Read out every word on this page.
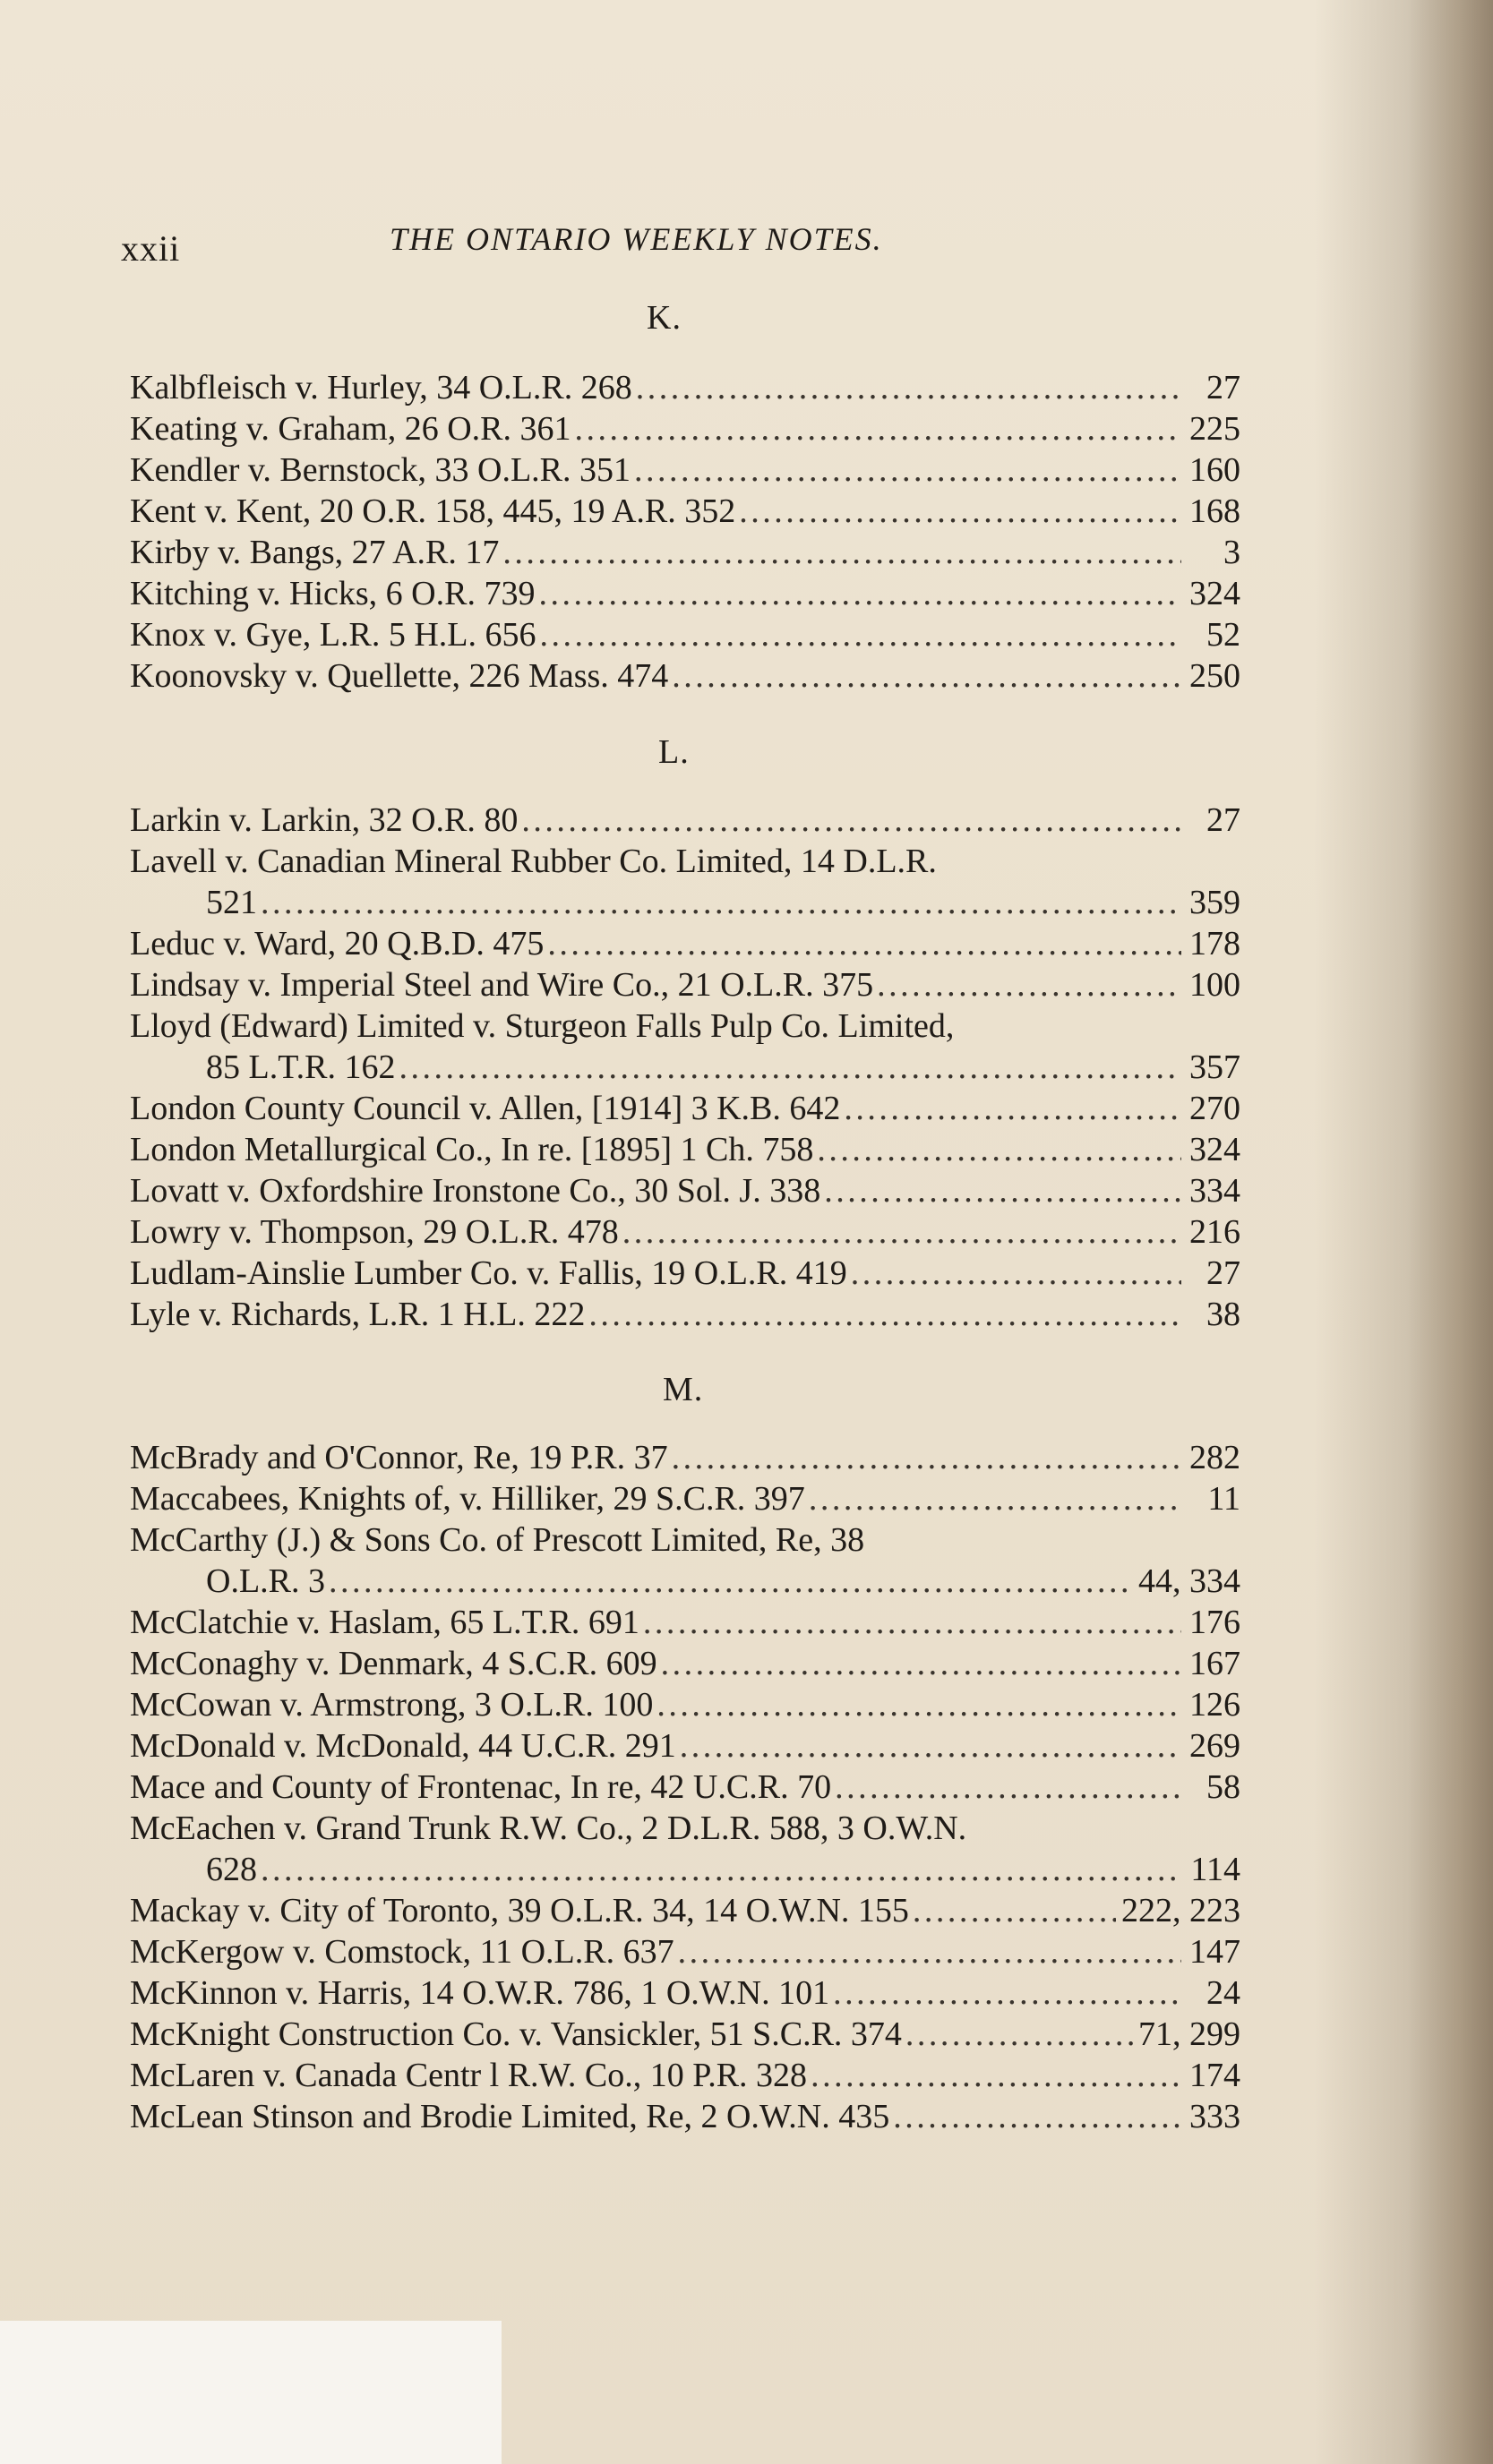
xxii	THE ONTARIO WEEKLY NOTES.
K.
Kalbfleisch v. Hurley, 34 O.L.R. 268 . . .	27
Keating v. Graham, 26 O.R. 361 . . .	225
Kendler v. Bernstock, 33 O.L.R. 351 . . .	160
Kent v. Kent, 20 O.R. 158, 445, 19 A.R. 352 . . .	168
Kirby v. Bangs, 27 A.R. 17 . . .	3
Kitching v. Hicks, 6 O.R. 739 . . .	324
Knox v. Gye, L.R. 5 H.L. 656 . . .	52
Koonovsky v. Quellette, 226 Mass. 474 . . .	250
L.
Larkin v. Larkin, 32 O.R. 80 . . .	27
Lavell v. Canadian Mineral Rubber Co. Limited, 14 D.L.R.
521 . . .	359
Leduc v. Ward, 20 Q.B.D. 475 . . .	178
Lindsay v. Imperial Steel and Wire Co., 21 O.L.R. 375 . . .	100
Lloyd (Edward) Limited v. Sturgeon Falls Pulp Co. Limited,
85 L.T.R. 162 . . .	357
London County Council v. Allen, [1914] 3 K.B. 642 . . .	270
London Metallurgical Co., In re. [1895] 1 Ch. 758 . . .	324
Lovatt v. Oxfordshire Ironstone Co., 30 Sol. J. 338 . . .	334
Lowry v. Thompson, 29 O.L.R. 478 . . .	216
Ludlam-Ainslie Lumber Co. v. Fallis, 19 O.L.R. 419 . . .	27
Lyle v. Richards, L.R. 1 H.L. 222 . . .	38
M.
McBrady and O'Connor, Re, 19 P.R. 37 . . .	282
Maccabees, Knights of, v. Hilliker, 29 S.C.R. 397 . . .	11
McCarthy (J.) & Sons Co. of Prescott Limited, Re, 38
O.L.R. 3 . . .	44, 334
McClatchie v. Haslam, 65 L.T.R. 691 . . .	176
McConaghy v. Denmark, 4 S.C.R. 609 . . .	167
McCowan v. Armstrong, 3 O.L.R. 100 . . .	126
McDonald v. McDonald, 44 U.C.R. 291 . . .	269
Mace and County of Frontenac, In re, 42 U.C.R. 70 . . .	58
McEachen v. Grand Trunk R.W. Co., 2 D.L.R. 588, 3 O.W.N.
628 . . .	114
Mackay v. City of Toronto, 39 O.L.R. 34, 14 O.W.N. 155 . . .	222, 223
McKergow v. Comstock, 11 O.L.R. 637 . . .	147
McKinnon v. Harris, 14 O.W.R. 786, 1 O.W.N. 101 . . .	24
McKnight Construction Co. v. Vansickler, 51 S.C.R. 374 . . .	71, 299
McLaren v. Canada Centr l R.W. Co., 10 P.R. 328 . . .	174
McLean Stinson and Brodie Limited, Re, 2 O.W.N. 435 . . .	333
